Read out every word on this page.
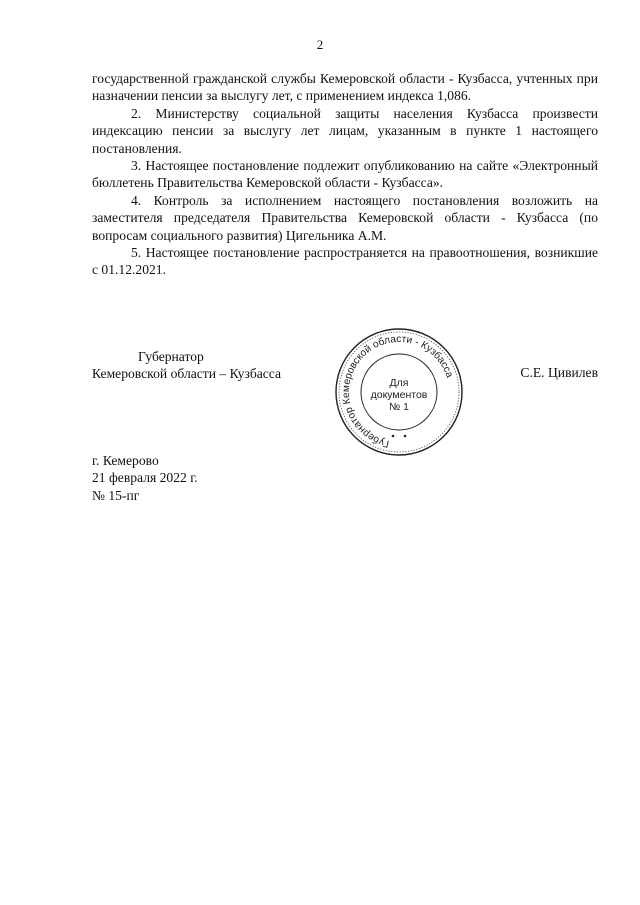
2

государственной гражданской службы Кемеровской области - Кузбасса, учтенных при назначении пенсии за выслугу лет, с применением индекса 1,086.

2. Министерству социальной защиты населения Кузбасса произвести индексацию пенсии за выслугу лет лицам, указанным в пункте 1 настоящего постановления.

3. Настоящее постановление подлежит опубликованию на сайте «Электронный бюллетень Правительства Кемеровской области - Кузбасса».

4. Контроль за исполнением настоящего постановления возложить на заместителя председателя Правительства Кемеровской области - Кузбасса (по вопросам социального развития) Цигельника А.М.

5. Настоящее постановление распространяется на правоотношения, возникшие с 01.12.2021.

Губернатор
Кемеровской области – Кузбасса
Губернатор Кемеровской области - Кузбасса
Для
документов
№ 1
С.Е. Цивилев
г. Кемерово
21 февраля 2022 г.
№ 15-пг
